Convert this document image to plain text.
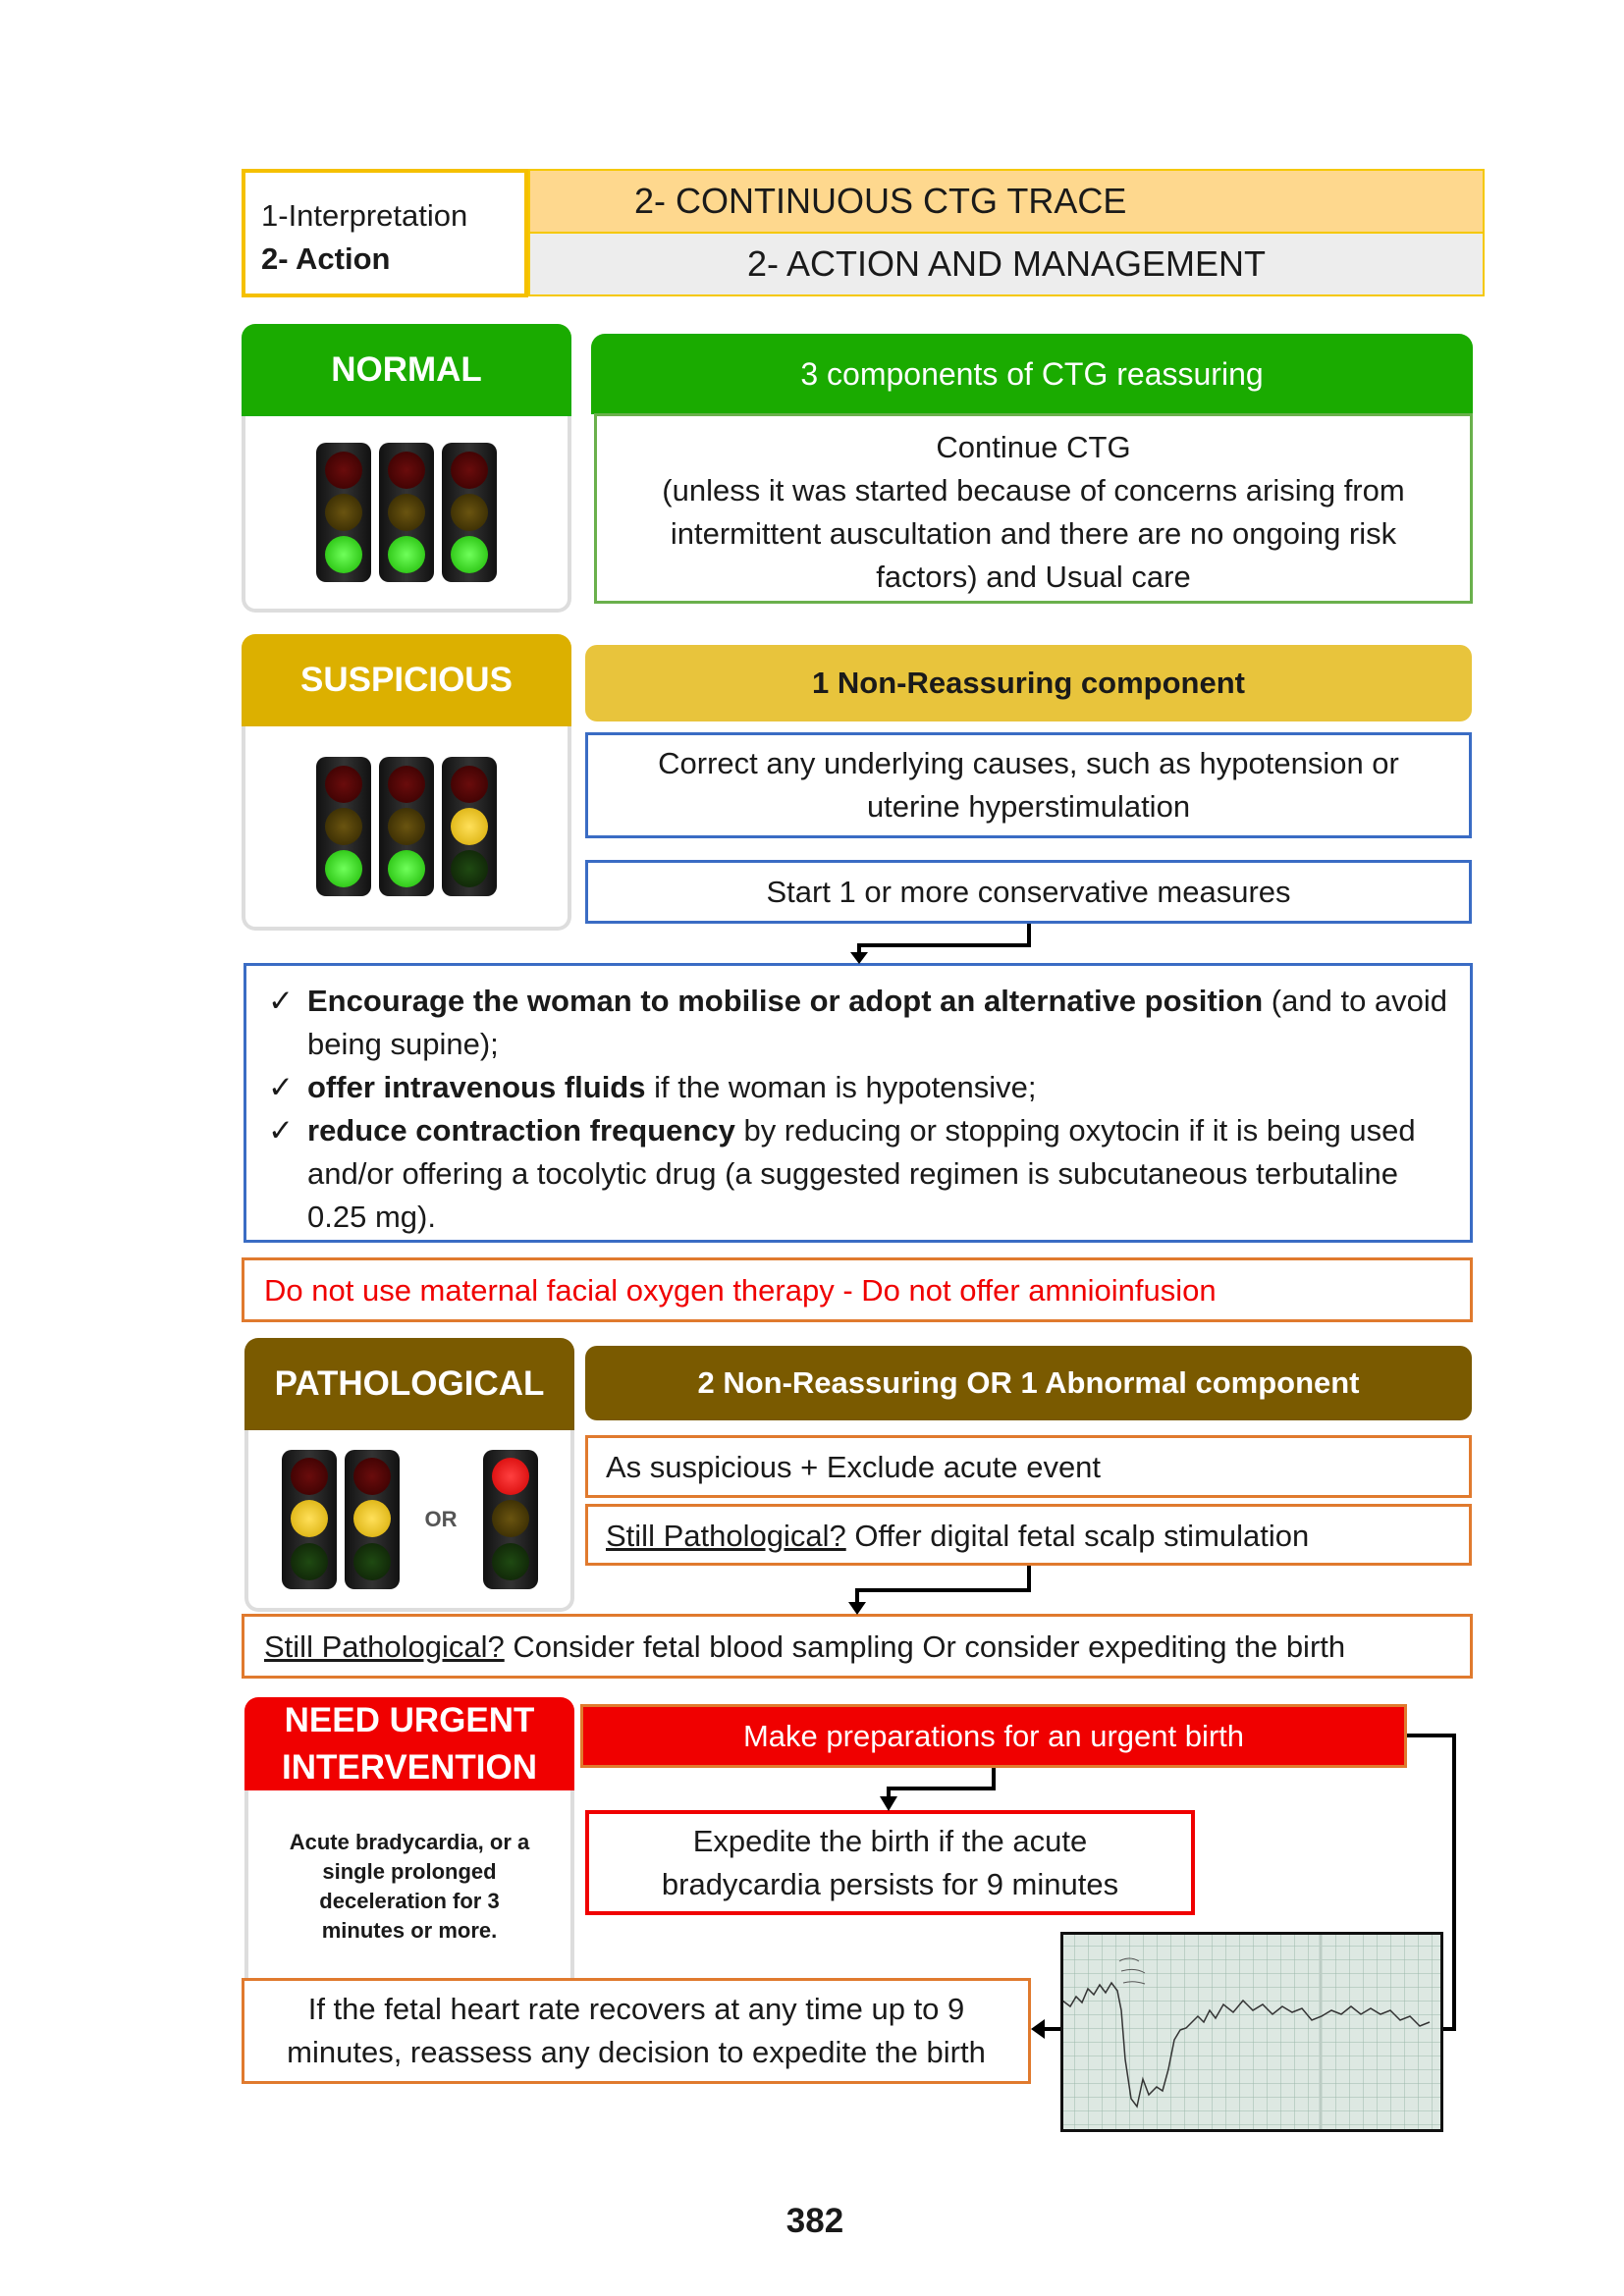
1-Interpretation
2- Action
2- CONTINUOUS CTG TRACE
2- ACTION AND MANAGEMENT
NORMAL	3 components of CTG reassuring
Continue CTG
(unless it was started because of concerns arising from intermittent auscultation and there are no ongoing risk factors) and Usual care
SUSPICIOUS	1 Non-Reassuring component
Correct any underlying causes, such as hypotension or uterine hyperstimulation
Start 1 or more conservative measures
✓ Encourage the woman to mobilise or adopt an alternative position (and to avoid being supine);
✓ offer intravenous fluids if the woman is hypotensive;
✓ reduce contraction frequency by reducing or stopping oxytocin if it is being used and/or offering a tocolytic drug (a suggested regimen is subcutaneous terbutaline 0.25 mg).
Do not use maternal facial oxygen therapy - Do not offer amnioinfusion
PATHOLOGICAL
OR
2 Non-Reassuring OR 1 Abnormal component
As suspicious + Exclude acute event
Still Pathological? Offer digital fetal scalp stimulation
Still Pathological? Consider fetal blood sampling Or consider expediting the birth
NEED URGENT INTERVENTION
Acute bradycardia, or a single prolonged deceleration for 3 minutes or more.
Make preparations for an urgent birth
Expedite the birth if the acute bradycardia persists for 9 minutes
If the fetal heart rate recovers at any time up to 9 minutes, reassess any decision to expedite the birth
382
